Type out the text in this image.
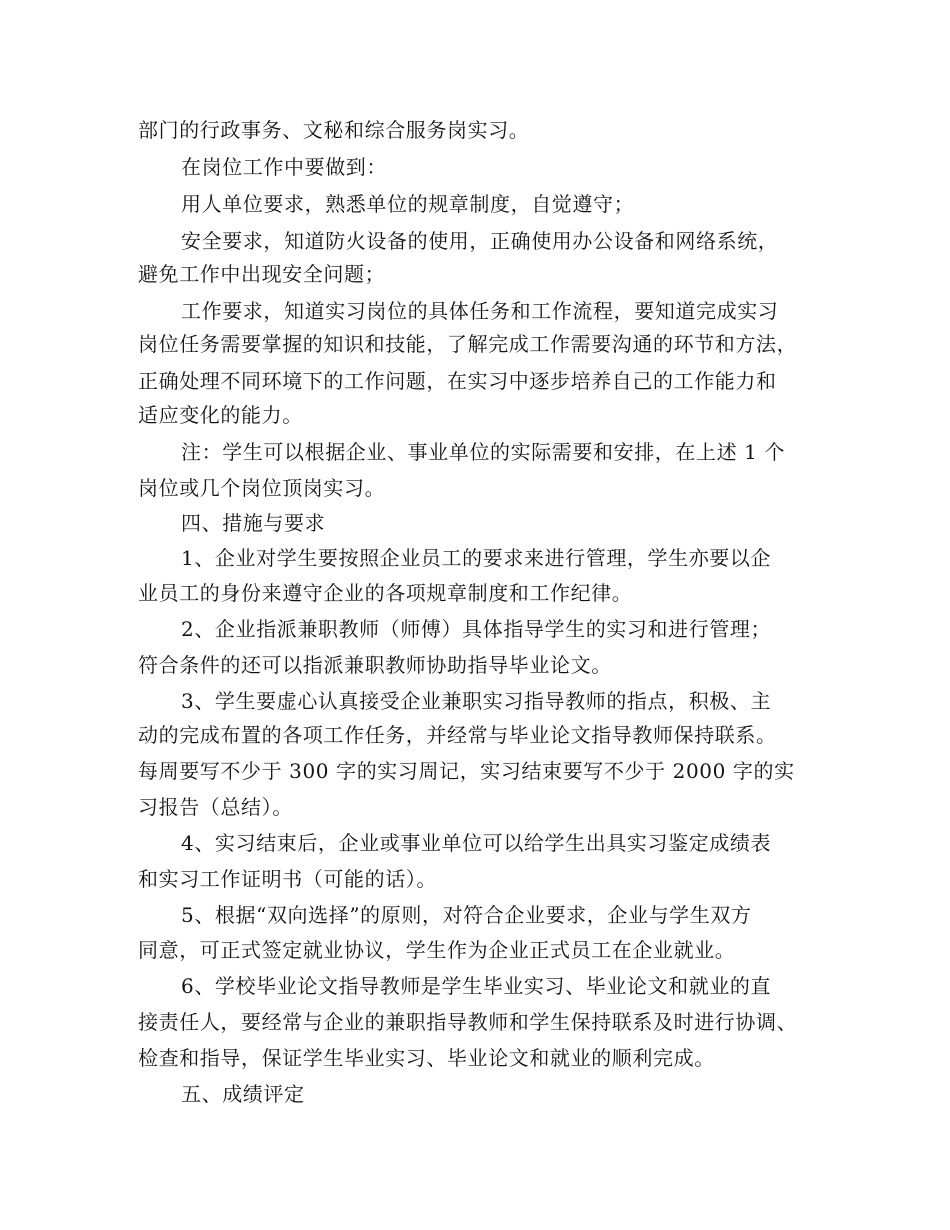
部门的行政事务、文秘和综合服务岗实习。
在岗位工作中要做到：
用人单位要求，熟悉单位的规章制度，自觉遵守；
安全要求，知道防火设备的使用，正确使用办公设备和网络系统，
避免工作中出现安全问题；
工作要求，知道实习岗位的具体任务和工作流程，要知道完成实习
岗位任务需要掌握的知识和技能，了解完成工作需要沟通的环节和方法，
正确处理不同环境下的工作问题，在实习中逐步培养自己的工作能力和
适应变化的能力。
注：学生可以根据企业、事业单位的实际需要和安排，在上述 1 个
岗位或几个岗位顶岗实习。
四、措施与要求
1、企业对学生要按照企业员工的要求来进行管理，学生亦要以企
业员工的身份来遵守企业的各项规章制度和工作纪律。
2、企业指派兼职教师（师傅）具体指导学生的实习和进行管理；
符合条件的还可以指派兼职教师协助指导毕业论文。
3、学生要虚心认真接受企业兼职实习指导教师的指点，积极、主
动的完成布置的各项工作任务，并经常与毕业论文指导教师保持联系。
每周要写不少于 300 字的实习周记，实习结束要写不少于 2000 字的实
习报告（总结）。
4、实习结束后，企业或事业单位可以给学生出具实习鉴定成绩表
和实习工作证明书（可能的话）。
5、根据“双向选择”的原则，对符合企业要求，企业与学生双方
同意，可正式签定就业协议，学生作为企业正式员工在企业就业。
6、学校毕业论文指导教师是学生毕业实习、毕业论文和就业的直
接责任人，要经常与企业的兼职指导教师和学生保持联系及时进行协调、
检查和指导，保证学生毕业实习、毕业论文和就业的顺利完成。
五、成绩评定
